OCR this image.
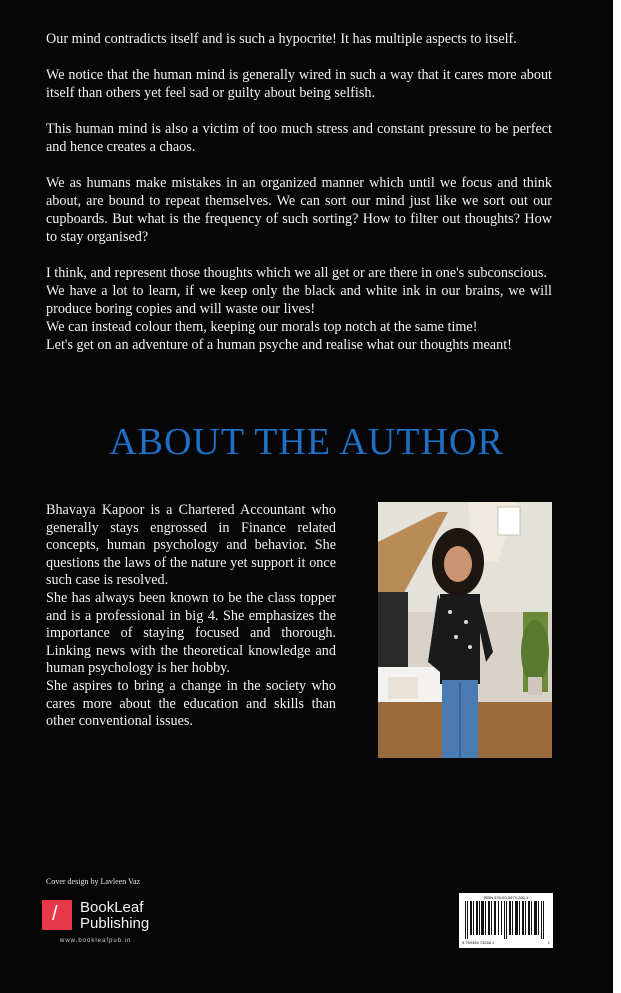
Our mind contradicts itself and is such a hypocrite! It has multiple aspects to itself.

We notice that the human mind is generally wired in such a way that it cares more about itself than others yet feel sad or guilty about being selfish.

This human mind is also a victim of too much stress and constant pressure to be perfect and hence creates a chaos.

We as humans make mistakes in an organized manner which until we focus and think about, are bound to repeat themselves. We can sort our mind just like we sort out our cupboards. But what is the frequency of such sorting? How to filter out thoughts? How to stay organised?

I think, and represent those thoughts which we all get or are there in one's subconscious.

We have a lot to learn, if we keep only the black and white ink in our brains, we will produce boring copies and will waste our lives!

We can instead colour them, keeping our morals top notch at the same time!

Let's get on an adventure of a human psyche and realise what our thoughts meant!

ABOUT THE AUTHOR

Bhavaya Kapoor is a Chartered Accountant who generally stays engrossed in Finance related concepts, human psychology and behavior. She questions the laws of the nature yet support it once such case is resolved.

She has always been known to be the class topper and is a professional in big 4. She emphasizes the importance of staying focused and thorough. Linking news with the theoretical knowledge and human psychology is her hobby.

She aspires to bring a change in the society who cares more about the education and skills than other conventional issues.

Cover design by Lavleen Vaz
/ BookLeaf
Publishing
www.bookleafpub.in
ISBN 978-93-5573-266-1
9 789355 73266 1	1
